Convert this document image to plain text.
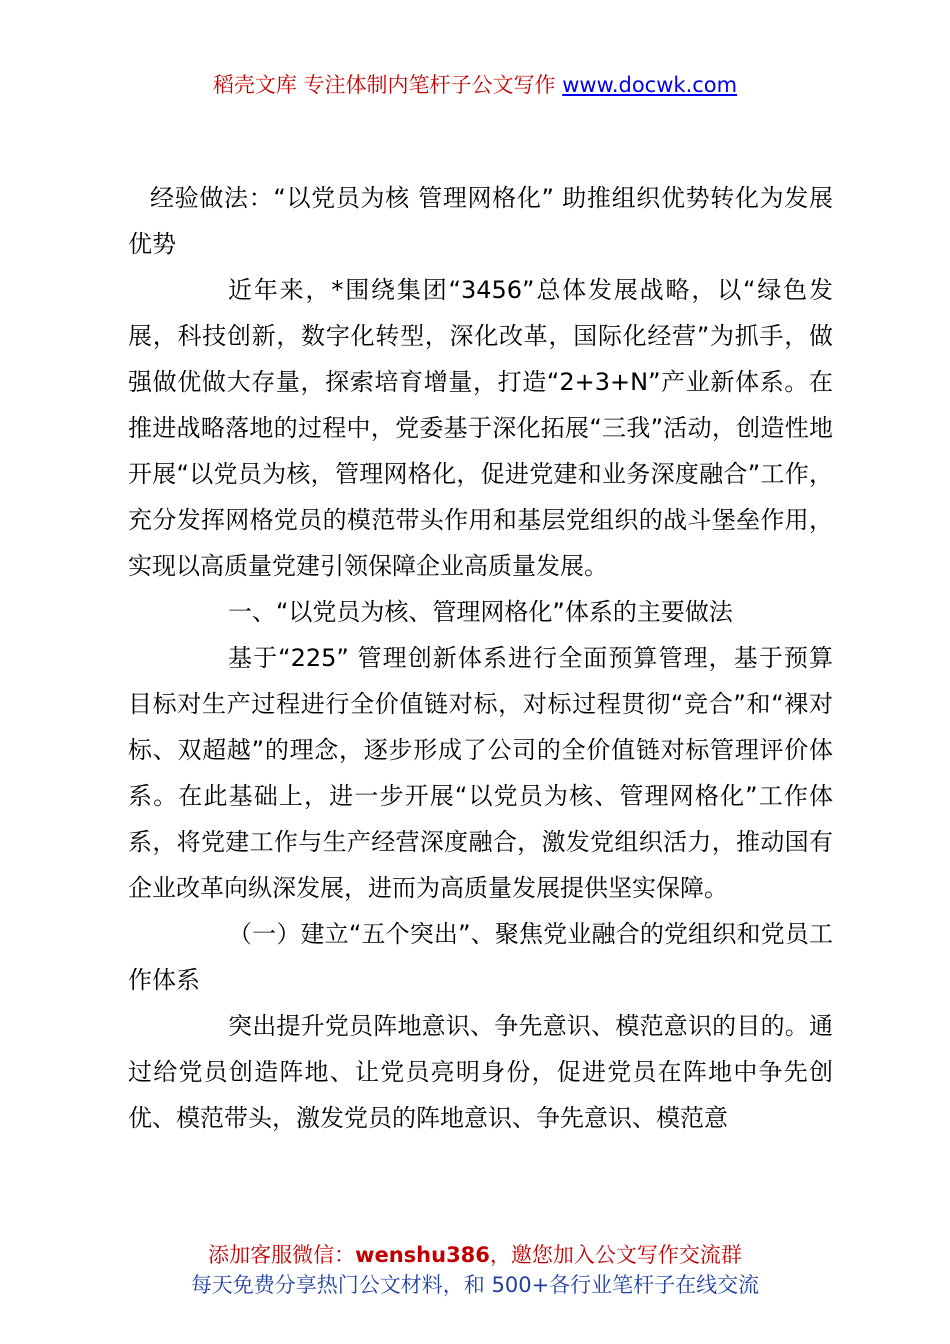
稻壳文库 专注体制内笔杆子公文写作 www.docwk.com

经验做法：“以党员为核 管理网格化” 助推组织优势转化为发展优势

近年来，*围绕集团“3456”总体发展战略，以“绿色发展，科技创新，数字化转型，深化改革，国际化经营”为抓手，做强做优做大存量，探索培育增量，打造“2+3+N”产业新体系。在推进战略落地的过程中，党委基于深化拓展“三我”活动，创造性地开展“以党员为核，管理网格化，促进党建和业务深度融合”工作，充分发挥网格党员的模范带头作用和基层党组织的战斗堡垒作用，实现以高质量党建引领保障企业高质量发展。

一、“以党员为核、管理网格化”体系的主要做法

基于“225” 管理创新体系进行全面预算管理，基于预算目标对生产过程进行全价值链对标，对标过程贯彻“竞合”和“裸对标、双超越”的理念，逐步形成了公司的全价值链对标管理评价体系。在此基础上，进一步开展“以党员为核、管理网格化”工作体系，将党建工作与生产经营深度融合，激发党组织活力，推动国有企业改革向纵深发展，进而为高质量发展提供坚实保障。

（一）建立“五个突出”、聚焦党业融合的党组织和党员工作体系

突出提升党员阵地意识、争先意识、模范意识的目的。通过给党员创造阵地、让党员亮明身份，促进党员在阵地中争先创优、模范带头，激发党员的阵地意识、争先意识、模范意

添加客服微信：wenshu386，邀您加入公文写作交流群
每天免费分享热门公文材料，和 500+各行业笔杆子在线交流
